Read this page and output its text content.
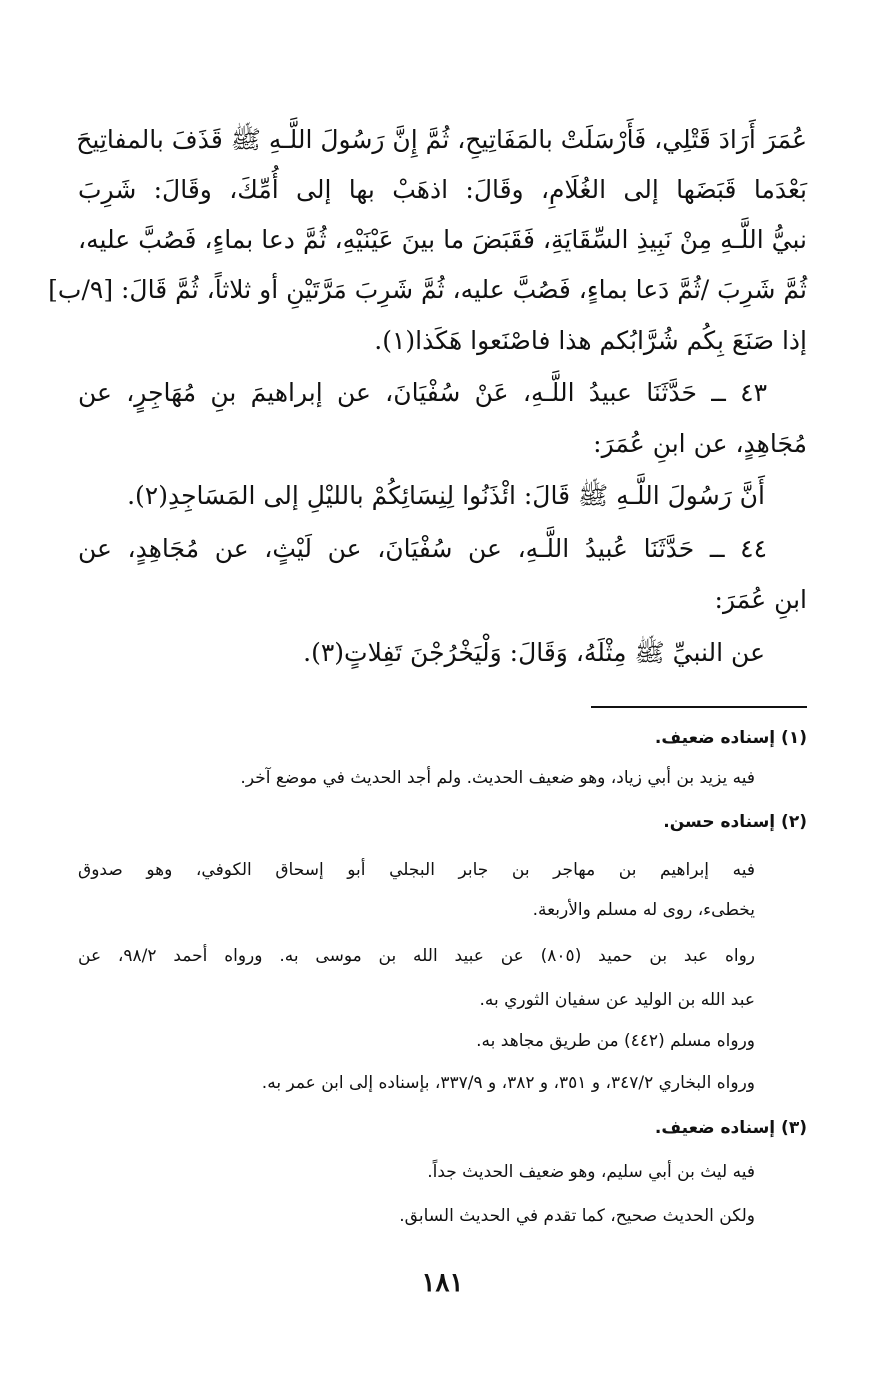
عُمَرَ أَرَادَ قَتْلِي، فَأَرْسَلَتْ بالمَفَاتِيحِ، ثُمَّ إِنَّ رَسُولَ اللَّـهِ ﷺ قَذَفَ بالمفاتِيحَ
بَعْدَما قَبَضَها إلى الغُلَامِ، وقَالَ: اذهَبْ بها إلى أُمِّكَ، وقَالَ: شَرِبَ
نبيُّ اللَّـهِ مِنْ نَبِيذِ السِّقَايَةِ، فَقَبَضَ ما بينَ عَيْنَيْهِ، ثُمَّ دعا بماءٍ، فَصُبَّ عليه،
ثُمَّ شَرِبَ /ثُمَّ دَعا بماءٍ، فَصُبَّ عليه، ثُمَّ شَرِبَ مَرَّتَيْنِ أو ثلاثاً، ثُمَّ قَالَ: [٩/ب]
إذا صَنَعَ بِكُم شُرَّابُكم هذا فاصْنَعوا هَكَذا(١).
٤٣ ــ حَدَّثَنَا عبيدُ اللَّـهِ، عَنْ سُفْيَانَ، عن إبراهيمَ بنِ مُهَاجِرٍ، عن
مُجَاهِدٍ، عن ابنِ عُمَرَ:
أَنَّ رَسُولَ اللَّـهِ ﷺ قَالَ: ائْذَنُوا لِنِسَائِكُمْ بالليْلِ إلى المَسَاجِدِ(٢).
٤٤ ــ حَدَّثَنَا عُبيدُ اللَّـهِ، عن سُفْيَانَ، عن لَيْثٍ، عن مُجَاهِدٍ، عن
ابنِ عُمَرَ:
عن النبيِّ ﷺ مِثْلَهُ، وَقَالَ: وَلْيَخْرُجْنَ تَفِلاتٍ(٣).
(١) إسناده ضعيف.
فيه يزيد بن أبي زياد، وهو ضعيف الحديث. ولم أجد الحديث في موضع آخر.
(٢) إسناده حسن.
فيه إبراهيم بن مهاجر بن جابر البجلي أبو إسحاق الكوفي، وهو صدوق
يخطىء، روى له مسلم والأربعة.
رواه عبد بن حميد (٨٠٥) عن عبيد الله بن موسى به. ورواه أحمد ٩٨/٢، عن
عبد الله بن الوليد عن سفيان الثوري به.
ورواه مسلم (٤٤٢) من طريق مجاهد به.
ورواه البخاري ٣٤٧/٢، و ٣٥١، و ٣٨٢، و ٣٣٧/٩، بإسناده إلى ابن عمر به.
(٣) إسناده ضعيف.
فيه ليث بن أبي سليم، وهو ضعيف الحديث جداً.
ولكن الحديث صحيح، كما تقدم في الحديث السابق.
١٨١
